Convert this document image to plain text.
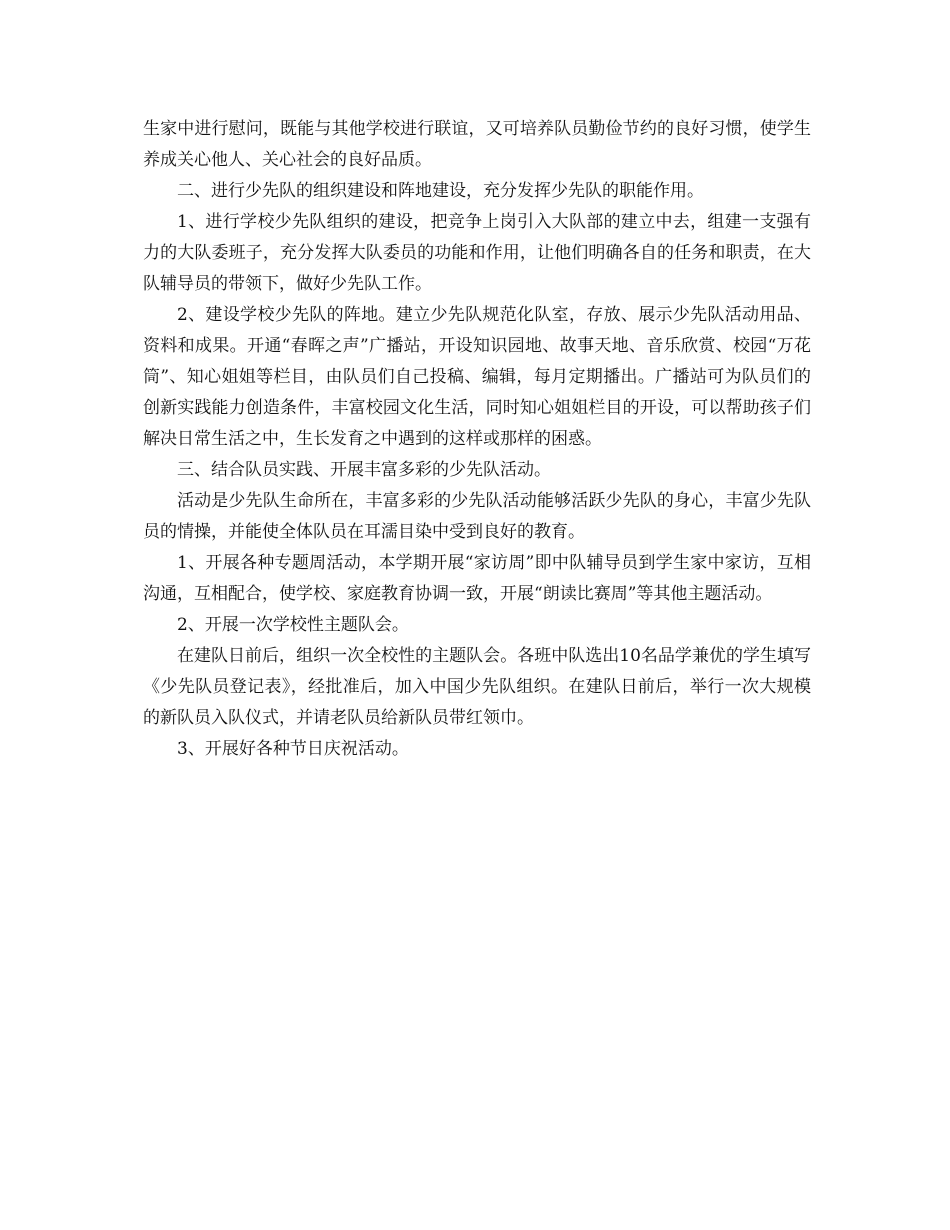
生家中进行慰问，既能与其他学校进行联谊，又可培养队员勤俭节约的良好习惯，使学生养成关心他人、关心社会的良好品质。

二、进行少先队的组织建设和阵地建设，充分发挥少先队的职能作用。

1、进行学校少先队组织的建设，把竞争上岗引入大队部的建立中去，组建一支强有力的大队委班子，充分发挥大队委员的功能和作用，让他们明确各自的任务和职责，在大队辅导员的带领下，做好少先队工作。

2、建设学校少先队的阵地。建立少先队规范化队室，存放、展示少先队活动用品、资料和成果。开通“春晖之声”广播站，开设知识园地、故事天地、音乐欣赏、校园“万花筒”、知心姐姐等栏目，由队员们自己投稿、编辑，每月定期播出。广播站可为队员们的创新实践能力创造条件，丰富校园文化生活，同时知心姐姐栏目的开设，可以帮助孩子们解决日常生活之中，生长发育之中遇到的这样或那样的困惑。

三、结合队员实践、开展丰富多彩的少先队活动。

活动是少先队生命所在，丰富多彩的少先队活动能够活跃少先队的身心，丰富少先队员的情操，并能使全体队员在耳濡目染中受到良好的教育。

1、开展各种专题周活动，本学期开展“家访周”即中队辅导员到学生家中家访，互相沟通，互相配合，使学校、家庭教育协调一致，开展“朗读比赛周”等其他主题活动。

2、开展一次学校性主题队会。

在建队日前后，组织一次全校性的主题队会。各班中队选出10名品学兼优的学生填写《少先队员登记表》，经批准后，加入中国少先队组织。在建队日前后，举行一次大规模的新队员入队仪式，并请老队员给新队员带红领巾。

3、开展好各种节日庆祝活动。
